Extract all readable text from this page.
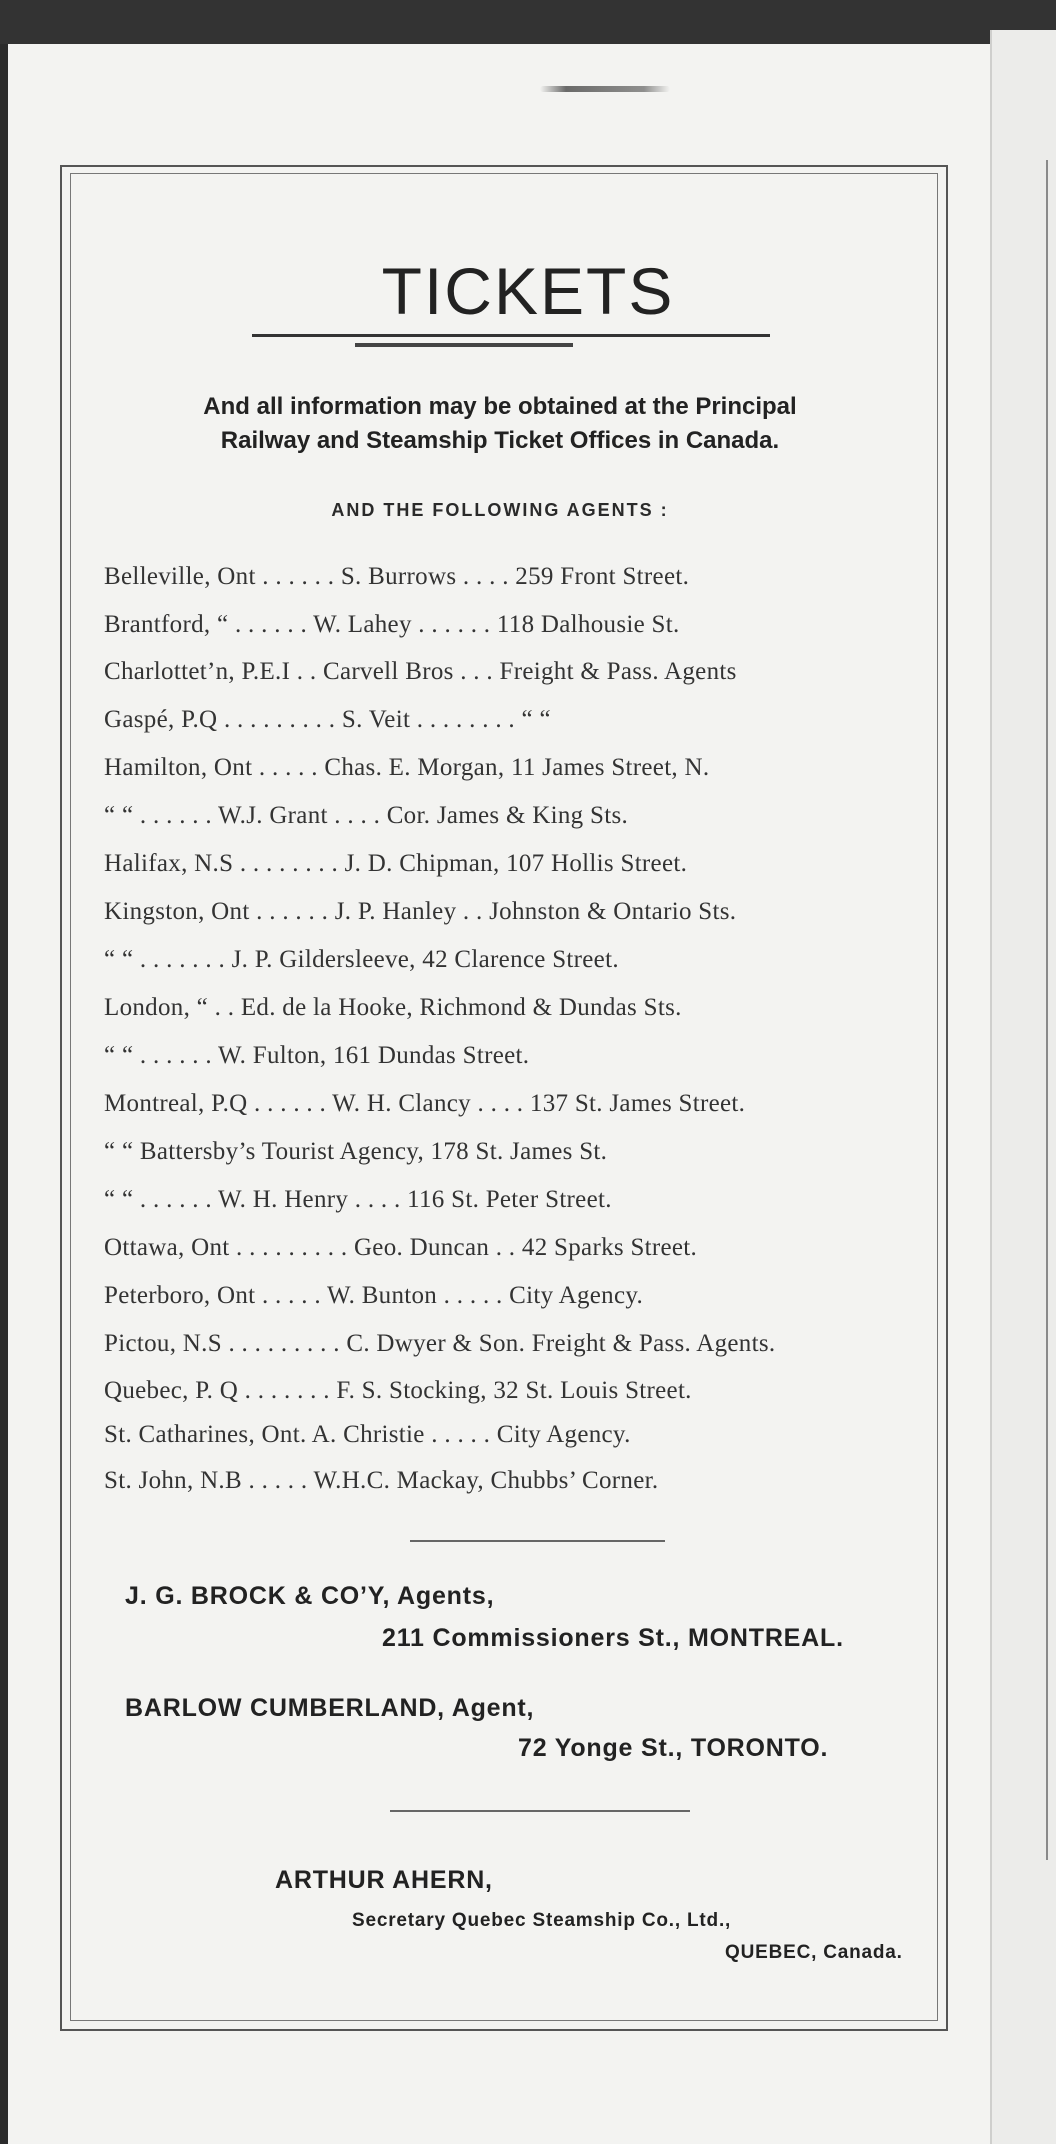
TICKETS
And all information may be obtained at the Principal
Railway and Steamship Ticket Offices in Canada.
AND THE FOLLOWING AGENTS :
Belleville, Ont . . . . . . S. Burrows . . . . 259 Front Street.
Brantford, “ . . . . . . W. Lahey . . . . . . 118 Dalhousie St.
Charlottet’n, P.E.I . . Carvell Bros . . . Freight & Pass. Agents
Gaspé, P.Q . . . . . . . . . S. Veit . . . . . . . . “ “
Hamilton, Ont . . . . . Chas. E. Morgan, 11 James Street, N.
“ “ . . . . . . W.J. Grant . . . . Cor. James & King Sts.
Halifax, N.S . . . . . . . . J. D. Chipman, 107 Hollis Street.
Kingston, Ont . . . . . . J. P. Hanley . . Johnston & Ontario Sts.
“ “ . . . . . . . J. P. Gildersleeve, 42 Clarence Street.
London, “ . . Ed. de la Hooke, Richmond & Dundas Sts.
“ “ . . . . . . W. Fulton, 161 Dundas Street.
Montreal, P.Q . . . . . . W. H. Clancy . . . . 137 St. James Street.
“ “ Battersby’s Tourist Agency, 178 St. James St.
“ “ . . . . . . W. H. Henry . . . . 116 St. Peter Street.
Ottawa, Ont . . . . . . . . . Geo. Duncan . . 42 Sparks Street.
Peterboro, Ont . . . . . W. Bunton . . . . . City Agency.
Pictou, N.S . . . . . . . . . C. Dwyer & Son. Freight & Pass. Agents.
Quebec, P. Q . . . . . . . F. S. Stocking, 32 St. Louis Street.
St. Catharines, Ont. A. Christie . . . . . City Agency.
St. John, N.B . . . . . W.H.C. Mackay, Chubbs’ Corner.
J. G. BROCK & CO’Y, Agents,
211 Commissioners St., MONTREAL.
BARLOW CUMBERLAND, Agent,
72 Yonge St., TORONTO.
ARTHUR AHERN,
Secretary Quebec Steamship Co., Ltd.,
QUEBEC, Canada.
